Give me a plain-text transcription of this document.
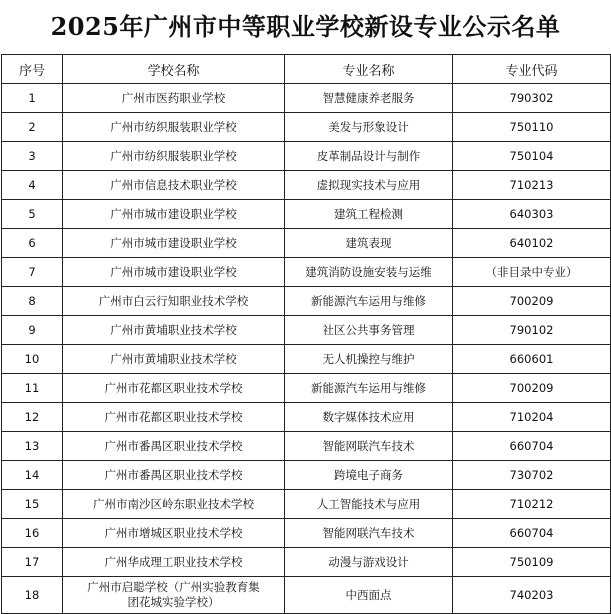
2025年广州市中等职业学校新设专业公示名单
序号	学校名称	专业名称	专业代码
1	广州市医药职业学校	智慧健康养老服务	790302
2	广州市纺织服装职业学校	美发与形象设计	750110
3	广州市纺织服装职业学校	皮革制品设计与制作	750104
4	广州市信息技术职业学校	虚拟现实技术与应用	710213
5	广州市城市建设职业学校	建筑工程检测	640303
6	广州市城市建设职业学校	建筑表现	640102
7	广州市城市建设职业学校	建筑消防设施安装与运维	（非目录中专业）
8	广州市白云行知职业技术学校	新能源汽车运用与维修	700209
9	广州市黄埔职业技术学校	社区公共事务管理	790102
10	广州市黄埔职业技术学校	无人机操控与维护	660601
11	广州市花都区职业技术学校	新能源汽车运用与维修	700209
12	广州市花都区职业技术学校	数字媒体技术应用	710204
13	广州市番禺区职业技术学校	智能网联汽车技术	660704
14	广州市番禺区职业技术学校	跨境电子商务	730702
15	广州市南沙区岭东职业技术学校	人工智能技术与应用	710212
16	广州市增城区职业技术学校	智能网联汽车技术	660704
17	广州华成理工职业技术学校	动漫与游戏设计	750109
18	广州市启聪学校（广州实验教育集团花城实验学校）	中西面点	740203
